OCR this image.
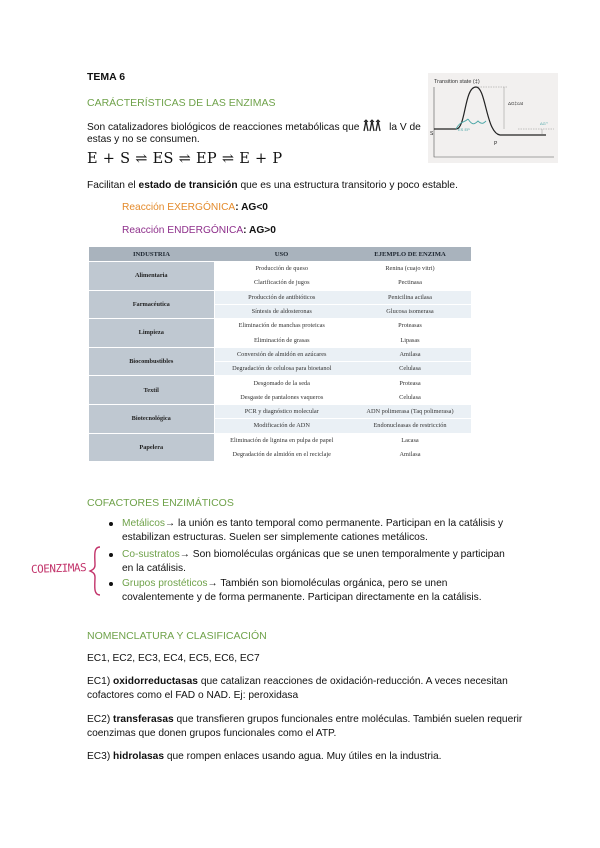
TEMA 6
CARÁCTERÍSTICAS DE LAS ENZIMAS
Son catalizadores biológicos de reacciones metabólicas que	la V de
estas y no se consumen.
E + S ⇌ ES ⇌ EP ⇌ E + P
Facilitan el estado de transición que es una estructura transitorio y poco estable.
Reacción EXERGÓNICA: AG<0
Reacción ENDERGÓNICA: AG>0
Transition state (‡)
ΔG‡cat
ΔG'°
S
P
ES EP
INDUSTRIA	USO	EJEMPLO DE ENZIMA
Alimentaria	Producción de queso	Renina (cuajo vitri)
	Clarificación de jugos	Pectinasa
Farmacéutica	Producción de antibióticos	Penicilina acilasa
	Síntesis de aldosteronas	Glucosa isomerasa
Limpieza	Eliminación de manchas proteicas	Proteasas
	Eliminación de grasas	Lipasas
Biocombustibles	Conversión de almidón en azúcares	Amilasa
	Degradación de celulosa para bioetanol	Celulasa
Textil	Desgomado de la seda	Proteasa
	Desgaste de pantalones vaqueros	Celulasa
Biotecnológica	PCR y diagnóstico molecular	ADN polimerasa (Taq polimerasa)
	Modificación de ADN	Endonucleasas de restricción
Papelera	Eliminación de lignina en pulpa de papel	Lacasa
	Degradación de almidón en el reciclaje	Amilasa
COFACTORES ENZIMÁTICOS
Metálicos→ la unión es tanto temporal como permanente. Participan en la catálisis y
estabilizan estructuras. Suelen ser simplemente cationes metálicos.
Co-sustratos→ Son biomoléculas orgánicas que se unen temporalmente y participan
en la catálisis.
Grupos prostéticos→ También son biomoléculas orgánica, pero se unen
covalentemente y de forma permanente. Participan directamente en la catálisis.
COENZIMAS
NOMENCLATURA Y CLASIFICACIÓN
EC1, EC2, EC3, EC4, EC5, EC6, EC7
EC1) oxidorreductasas que catalizan reacciones de oxidación-reducción. A veces necesitan
cofactores como el FAD o NAD. Ej: peroxidasa
EC2) transferasas que transfieren grupos funcionales entre moléculas. También suelen requerir
coenzimas que donen grupos funcionales como el ATP.
EC3) hidrolasas que rompen enlaces usando agua. Muy útiles en la industria.
